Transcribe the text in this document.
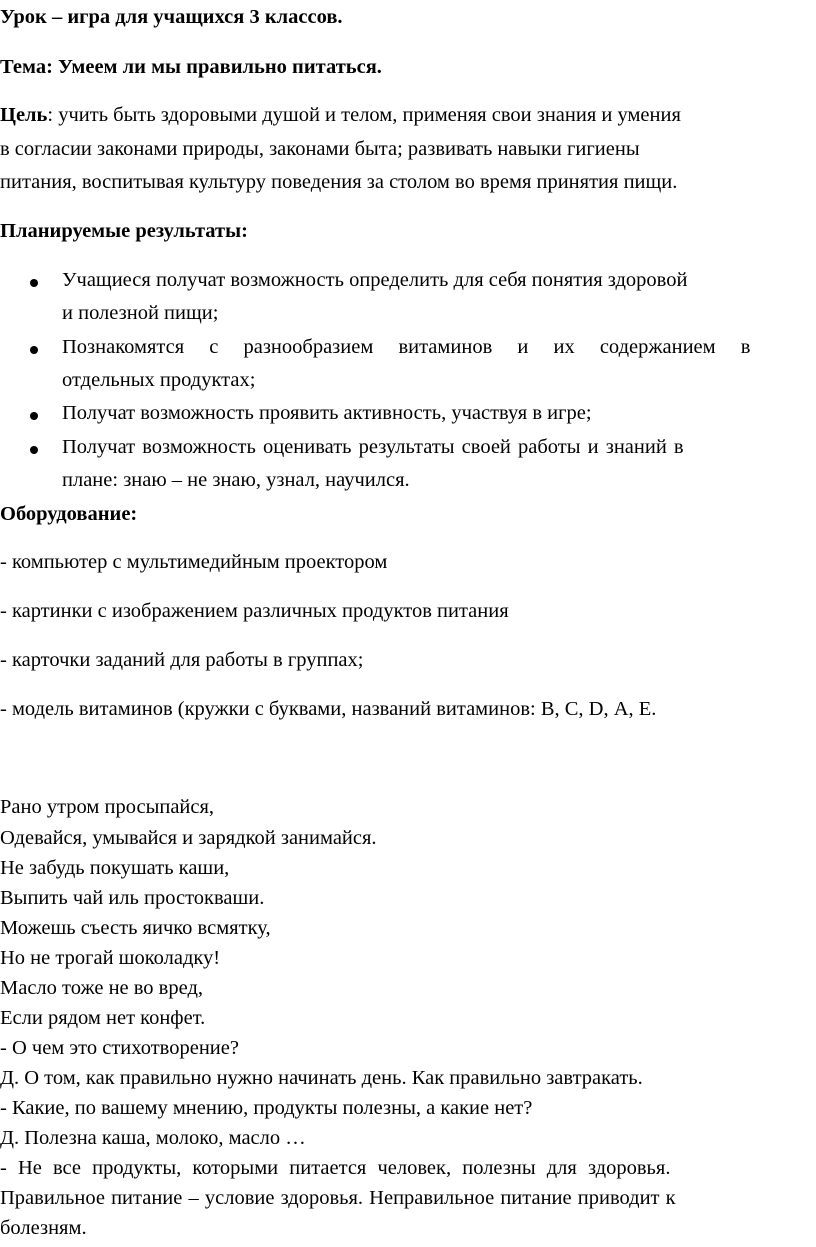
Урок – игра для учащихся 3 классов.
Тема: Умеем ли мы правильно питаться.
Цель: учить быть здоровыми душой и телом, применяя свои знания и умения
в согласии законами природы, законами быта; развивать навыки гигиены
питания, воспитывая культуру поведения за столом во время принятия пищи.
Планируемые результаты:
Учащиеся получат возможность определить для себя понятия здоровой
и полезной пищи;
Познакомятся с разнообразием витаминов и их содержанием в
отдельных продуктах;
Получат возможность проявить активность, участвуя в игре;
Получат возможность оценивать результаты своей работы и знаний в
плане: знаю – не знаю, узнал, научился.
Оборудование:
- компьютер с мультимедийным проектором
- картинки с изображением различных продуктов питания
- карточки заданий для работы в группах;
- модель витаминов (кружки с буквами, названий витаминов: В, С, D, А, Е.
Рано утром просыпайся,
Одевайся, умывайся и зарядкой занимайся.
Не забудь покушать каши,
Выпить чай иль простокваши.
Можешь съесть яичко всмятку,
Но не трогай шоколадку!
Масло тоже не во вред,
Если рядом нет конфет.
- О чем это стихотворение?
Д. О том, как правильно нужно начинать день. Как правильно завтракать.
- Какие, по вашему мнению, продукты полезны, а какие нет?
Д. Полезна каша, молоко, масло …
- Не все продукты, которыми питается человек, полезны для здоровья.
Правильное питание – условие здоровья. Неправильное питание приводит к
болезням.
